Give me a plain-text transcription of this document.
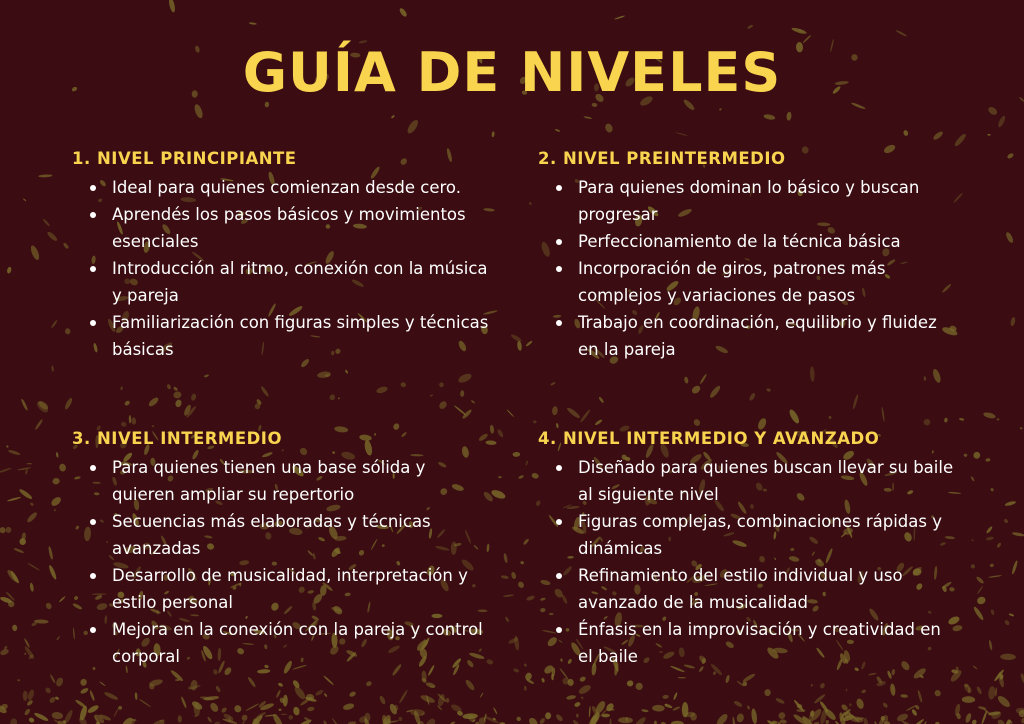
GUÍA DE NIVELES
1. NIVEL PRINCIPIANTE
Ideal para quienes comienzan desde cero.
Aprendés los pasos básicos y movimientos esenciales
Introducción al ritmo, conexión con la música y pareja
Familiarización con figuras simples y técnicas básicas
2. NIVEL PREINTERMEDIO
Para quienes dominan lo básico y buscan progresar
Perfeccionamiento de la técnica básica
Incorporación de giros, patrones más complejos y variaciones de pasos
Trabajo en coordinación, equilibrio y fluidez en la pareja
3. NIVEL INTERMEDIO
Para quienes tienen una base sólida y quieren ampliar su repertorio
Secuencias más elaboradas y técnicas avanzadas
Desarrollo de musicalidad, interpretación y estilo personal
Mejora en la conexión con la pareja y control corporal
4. NIVEL INTERMEDIO Y AVANZADO
Diseñado para quienes buscan llevar su baile al siguiente nivel
Figuras complejas, combinaciones rápidas y dinámicas
Refinamiento del estilo individual y uso avanzado de la musicalidad
Énfasis en la improvisación y creatividad en el baile
